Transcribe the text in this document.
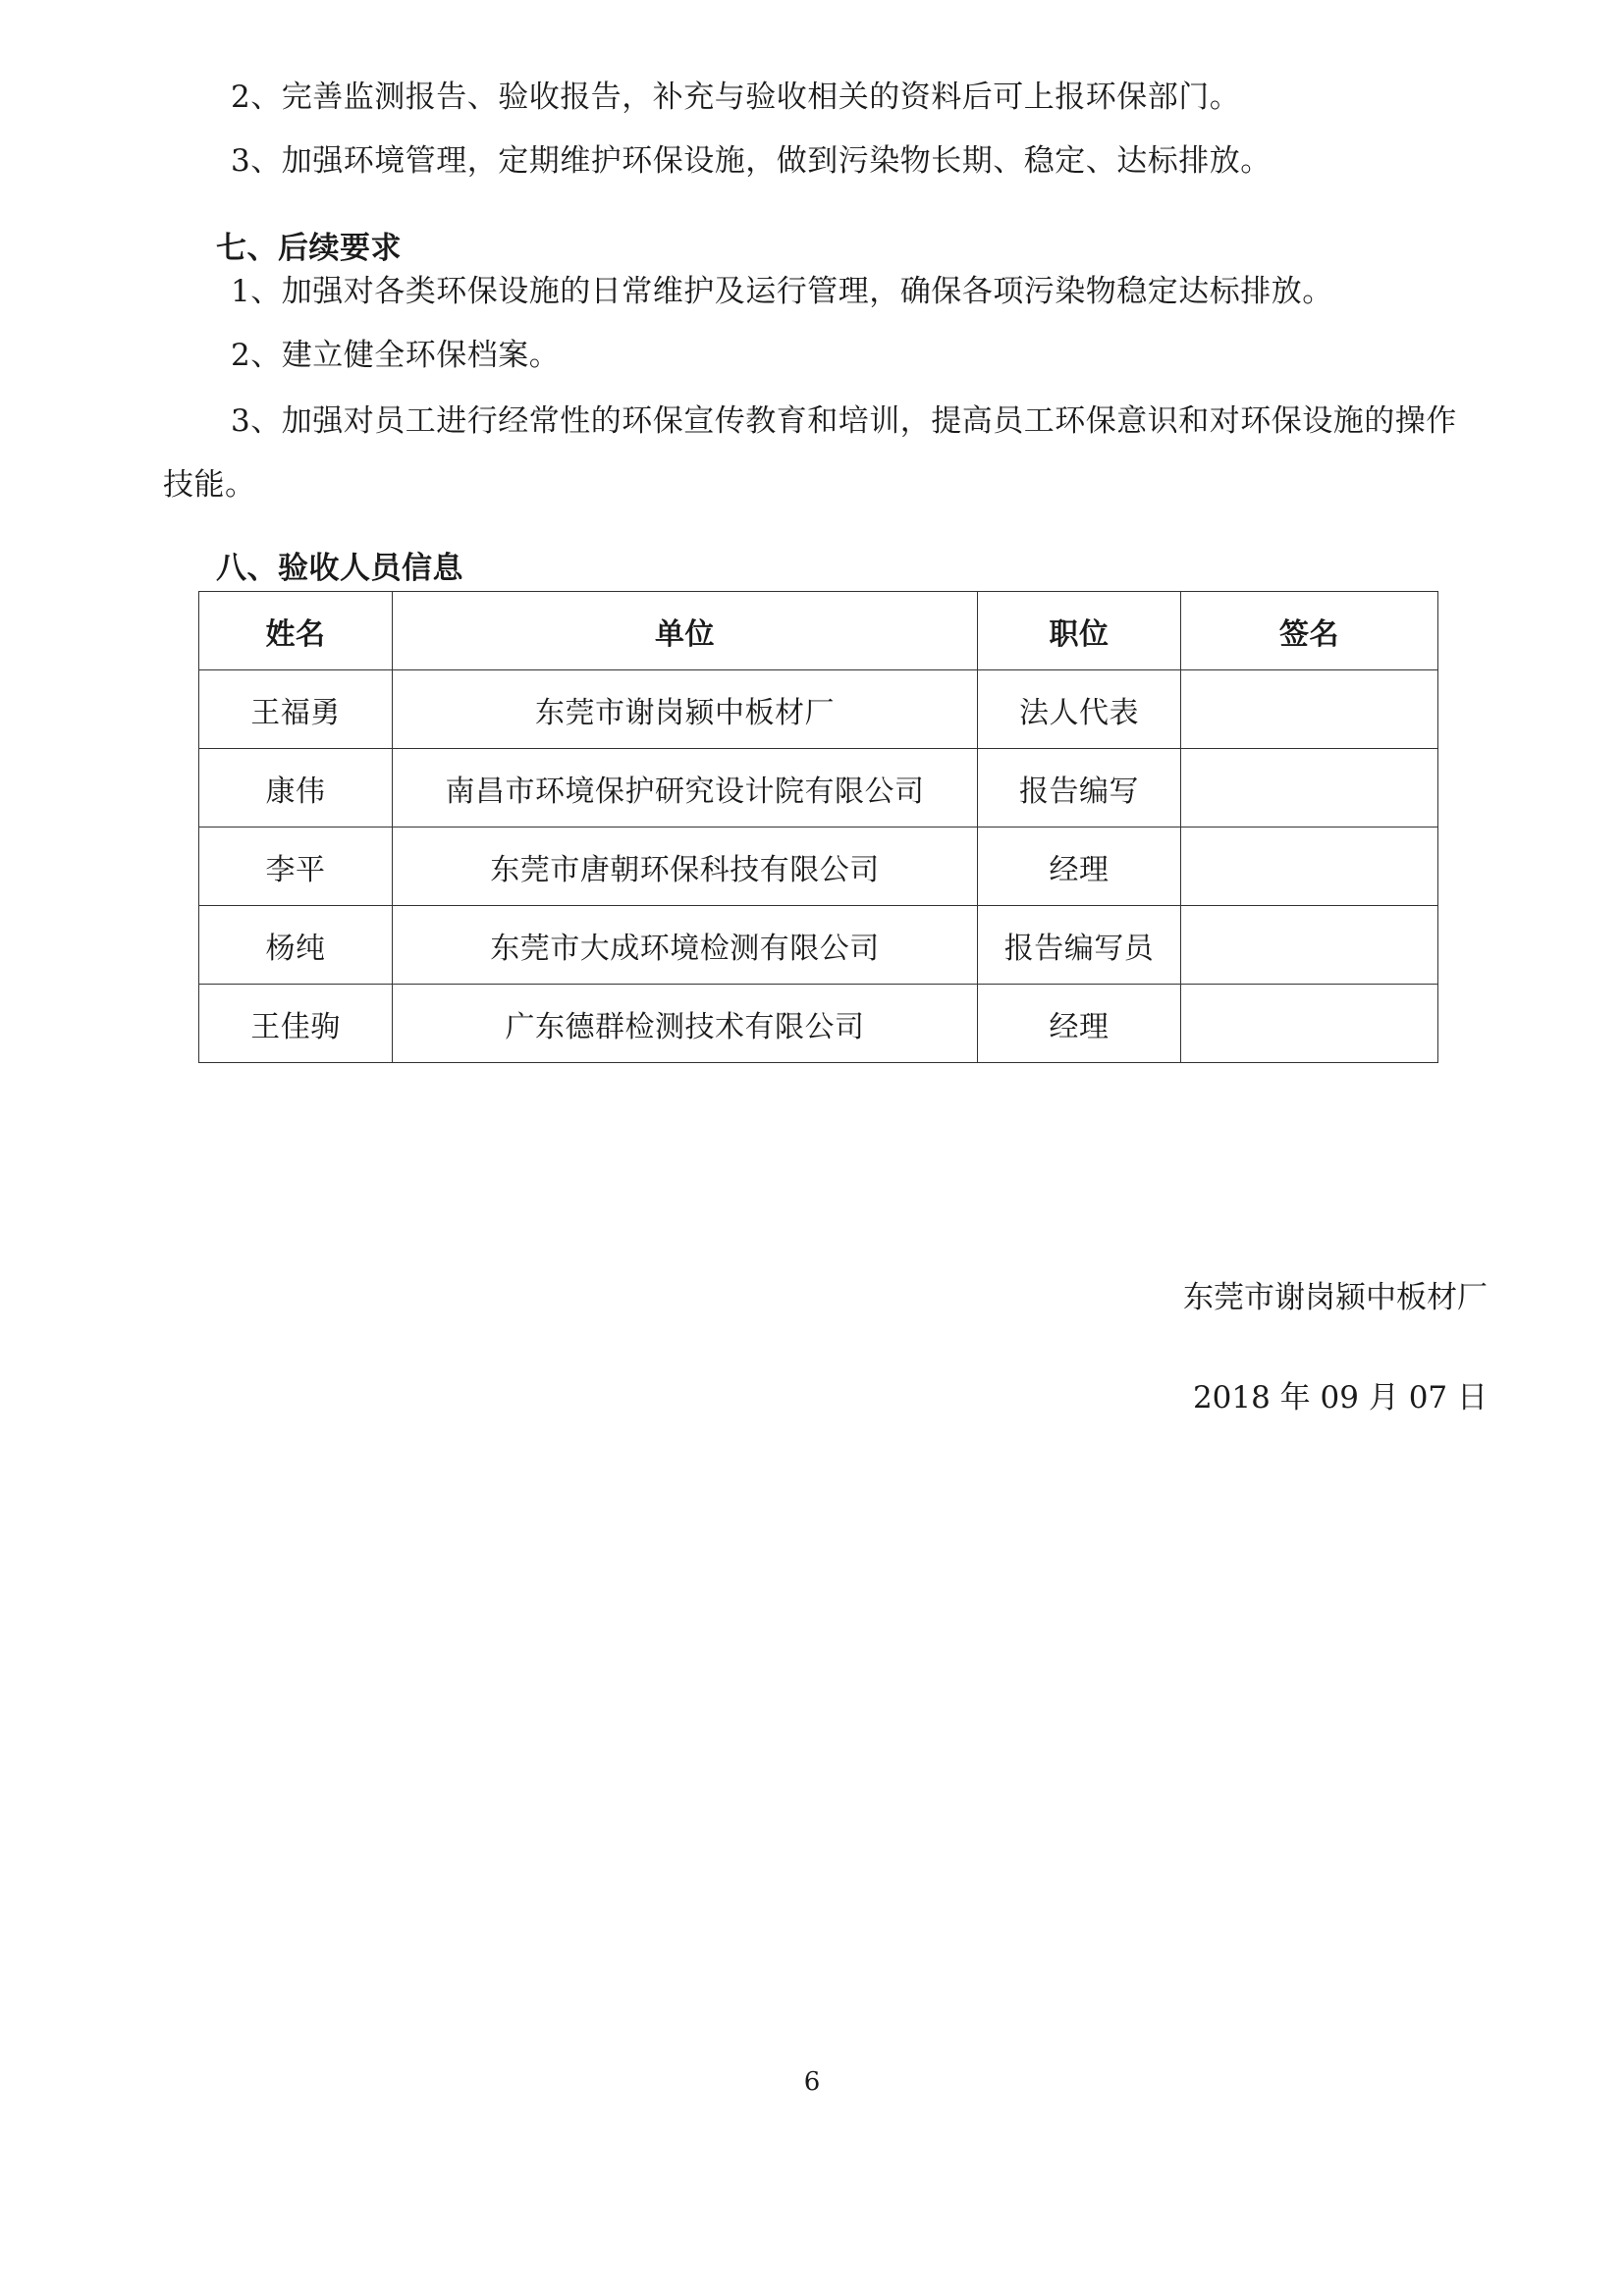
2、完善监测报告、验收报告，补充与验收相关的资料后可上报环保部门。
3、加强环境管理，定期维护环保设施，做到污染物长期、稳定、达标排放。
七、后续要求
1、加强对各类环保设施的日常维护及运行管理，确保各项污染物稳定达标排放。
2、建立健全环保档案。
3、加强对员工进行经常性的环保宣传教育和培训，提高员工环保意识和对环保设施的操作技能。
八、验收人员信息
姓名	单位	职位	签名
王福勇	东莞市谢岗颍中板材厂	法人代表	
康伟	南昌市环境保护研究设计院有限公司	报告编写	
李平	东莞市唐朝环保科技有限公司	经理	
杨纯	东莞市大成环境检测有限公司	报告编写员	
王佳驹	广东德群检测技术有限公司	经理	
东莞市谢岗颍中板材厂
2018 年 09 月 07 日
6
